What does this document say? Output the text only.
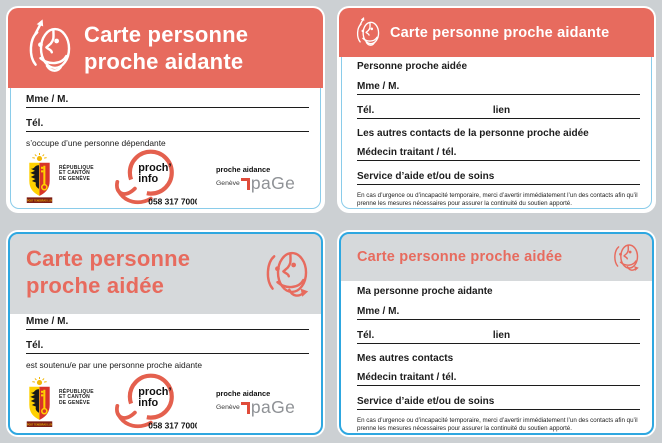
Carte personne
proche aidante
Mme / M.
Tél.
s’occupe d’une personne dépendante
RÉPUBLIQUE
ET CANTON
DE GENÈVE
proche aidance
Genève paGe
Carte personne proche aidante
Personne proche aidée
Mme / M.
Tél.	lien
Les autres contacts de la personne proche aidée
Médecin traitant / tél.
Service d’aide et/ou de soins
En cas d’urgence ou d’incapacité temporaire, merci d’avertir immédiatement l’un des contacts afin qu’il prenne les mesures nécessaires pour assurer la continuité du soutien apporté.
Carte personne
proche aidée
Mme / M.
Tél.
est soutenu/e par une personne proche aidante
RÉPUBLIQUE
ET CANTON
DE GENÈVE
proche aidance
Genève paGe
Carte personne proche aidée
Ma personne proche aidante
Mme / M.
Tél.	lien
Mes autres contacts
Médecin traitant / tél.
Service d’aide et/ou de soins
En cas d’urgence ou d’incapacité temporaire, merci d’avertir immédiatement l’un des contacts afin qu’il prenne les mesures nécessaires pour assurer la continuité du soutien apporté.
